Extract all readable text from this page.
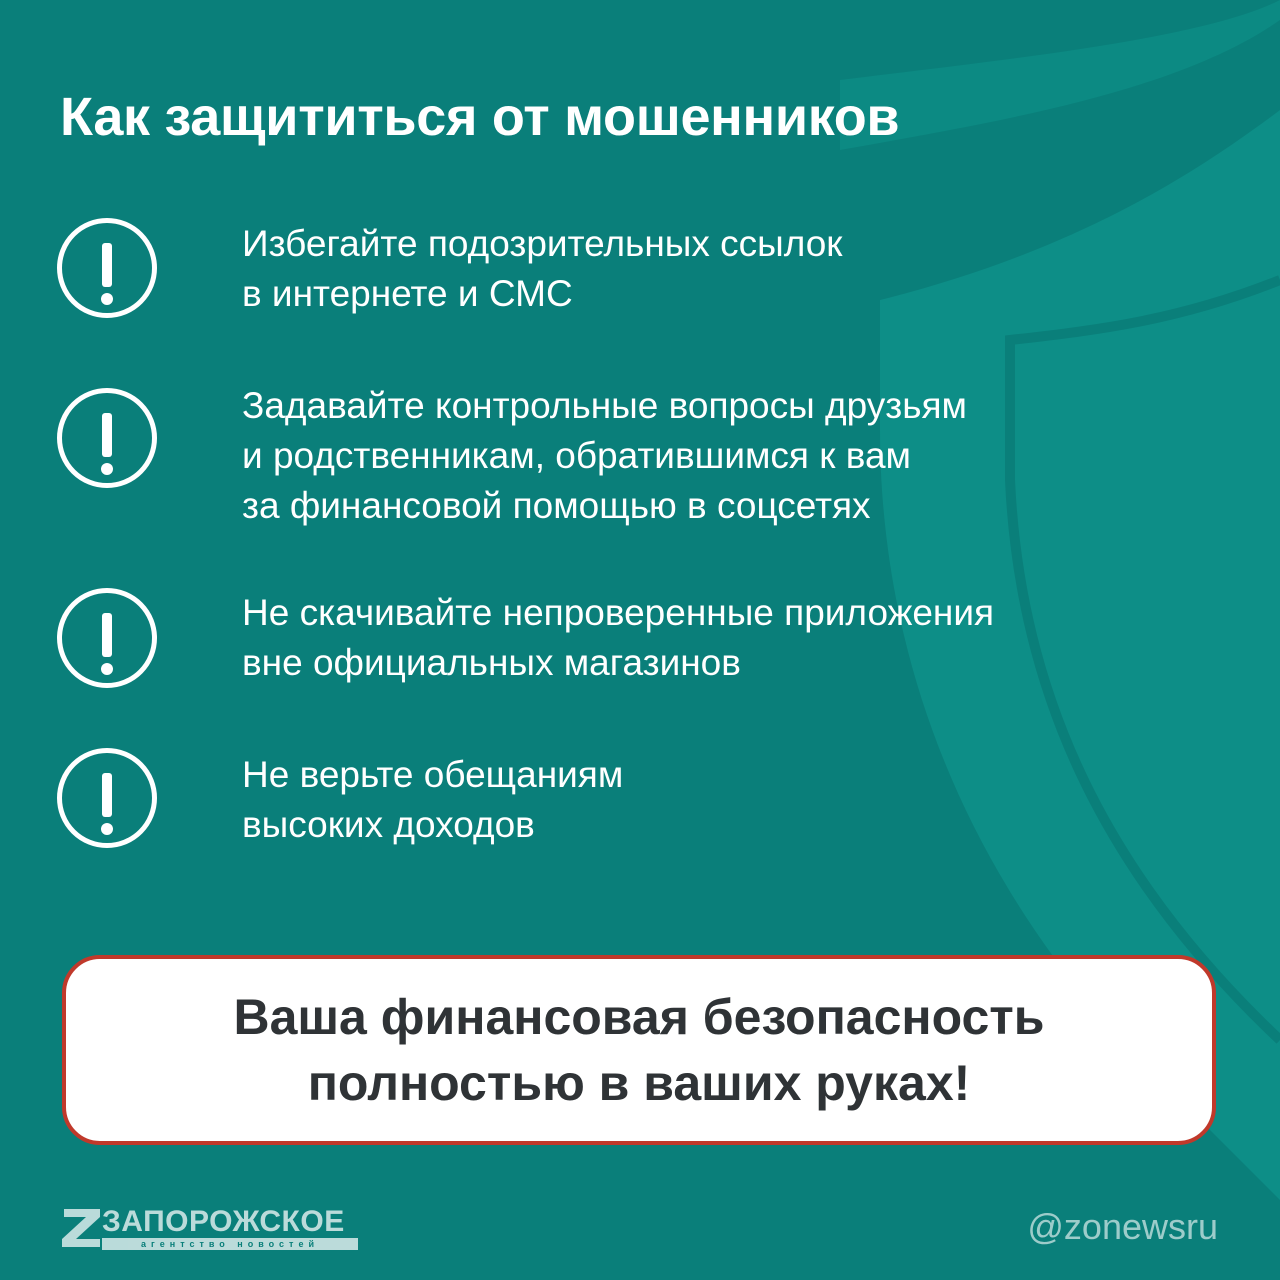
Как защититься от мошенников
Избегайте подозрительных ссылок
в интернете и СМС
Задавайте контрольные вопросы друзьям
и родственникам, обратившимся к вам
за финансовой помощью в соцсетях
Не скачивайте непроверенные приложения
вне официальных магазинов
Не верьте обещаниям
высоких доходов
Ваша финансовая безопасность
полностью в ваших руках!
ЗАПОРОЖСКОЕ
агентство новостей	@zonewsru
